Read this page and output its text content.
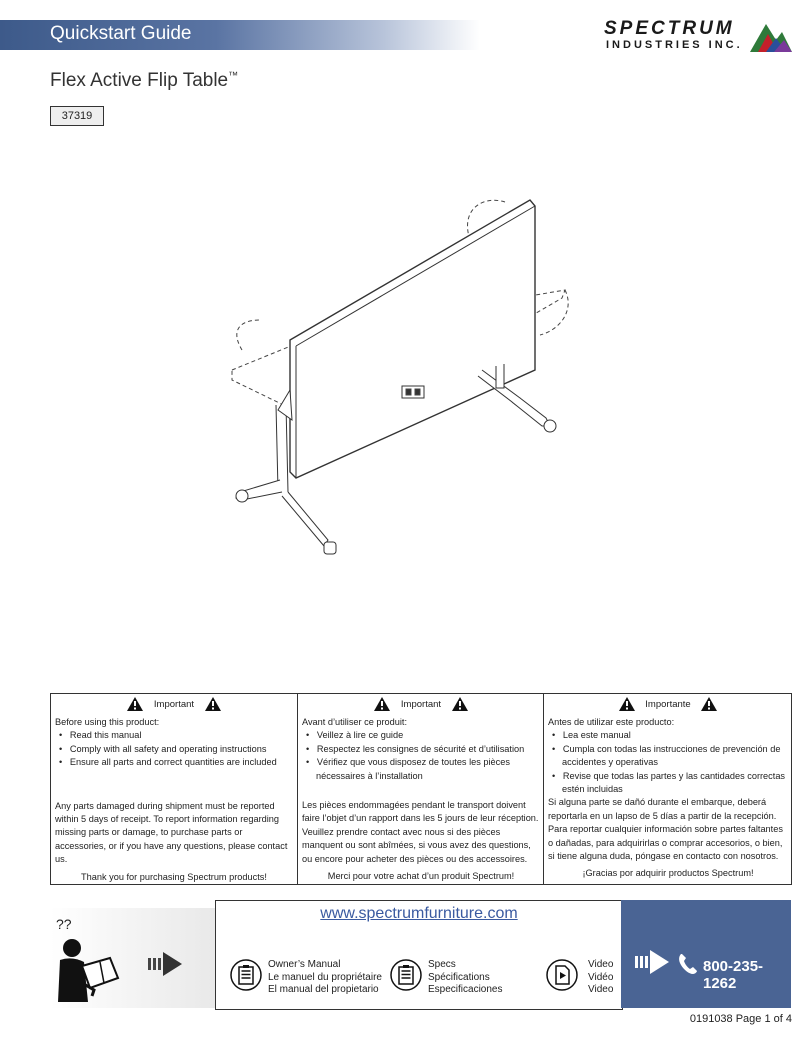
Quickstart Guide	SPECTRUM
INDUSTRIES INC.
Flex Active Flip Table™
37319
Important
Before using this product:
•   Read this manual
•   Comply with all safety and operating instructions
•   Ensure all parts and correct quantities are included
Any parts damaged during shipment must be reported within 5 days of receipt. To report information regarding missing parts or damage, to purchase parts or accessories, or if you have any questions, please contact us.
Thank you for purchasing Spectrum products!
Important
Avant d’utiliser ce produit:
•   Veillez à lire ce guide
•   Respectez les consignes de sécurité et d’utilisation
•   Vérifiez que vous disposez de toutes les pièces nécessaires à l’installation
Les pièces endommagées pendant le transport doivent faire l’objet d’un rapport dans les 5 jours de leur réception. Veuillez prendre contact avec nous si des pièces manquent ou sont abîmées, si vous avez des questions, ou encore pour acheter des pièces ou des accessoires.
Merci pour votre achat d’un produit Spectrum!
Importante
Antes de utilizar este producto:
•   Lea este manual
•   Cumpla con todas las instrucciones de prevención de accidentes y operativas
•   Revise que todas las partes y las cantidades correctas estén incluidas
Si alguna parte se dañó durante el embarque, deberá reportarla en un lapso de 5 días a partir de la recepción. Para reportar cualquier información sobre partes faltantes o dañadas, para adquirirlas o comprar accesorios, o bien, si tiene alguna duda, póngase en contacto con nosotros.
¡Gracias por adquirir productos Spectrum!
??
www.spectrumfurniture.com
Owner’s Manual
Le manuel du propriétaire
El manual del propietario
Specs
Spécifications
Especificaciones
Video
Vidéo
Video
800-235-1262
0191038 Page 1 of 4
